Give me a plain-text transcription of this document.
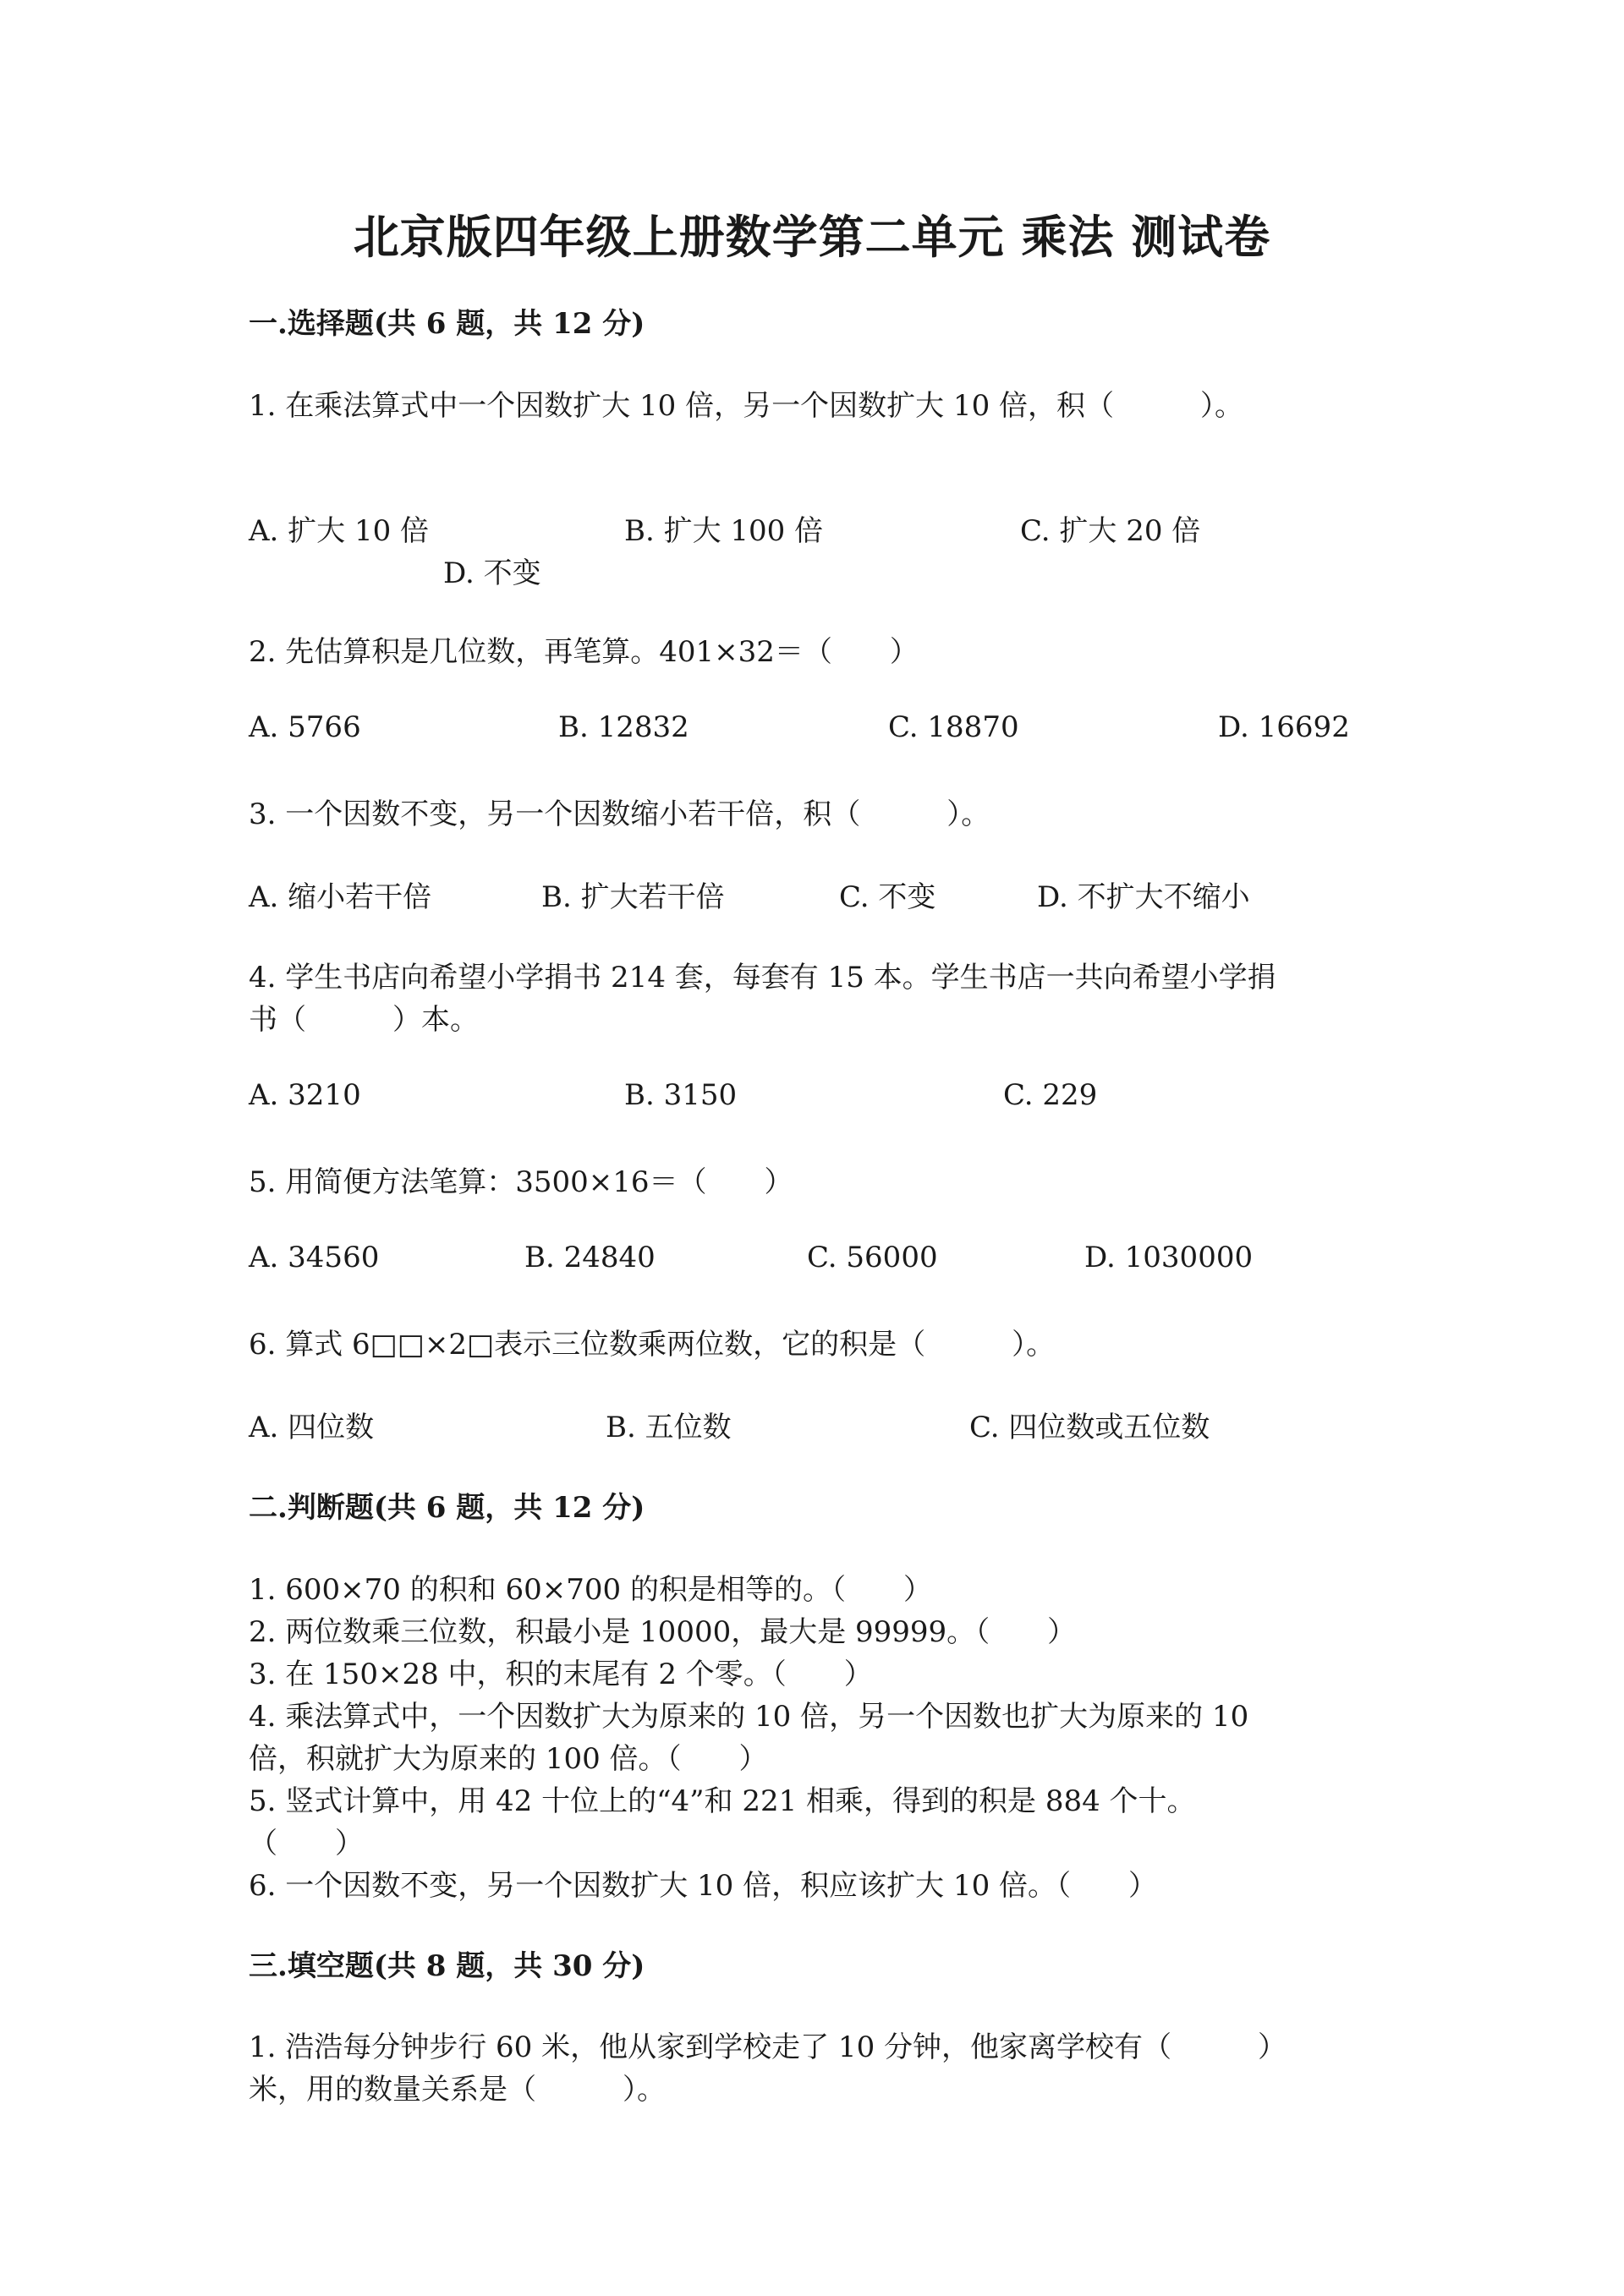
北京版四年级上册数学第二单元 乘法 测试卷
一.选择题(共 6 题，共 12 分)
1. 在乘法算式中一个因数扩大 10 倍，另一个因数扩大 10 倍，积（　　　）。
A. 扩大 10 倍	B. 扩大 100 倍	C. 扩大 20 倍
D. 不变
2. 先估算积是几位数，再笔算。401×32＝（　　）
A. 5766	B. 12832	C. 18870	D. 16692
3. 一个因数不变，另一个因数缩小若干倍，积（　　　）。
A. 缩小若干倍	B. 扩大若干倍	C. 不变	D. 不扩大不缩小
4. 学生书店向希望小学捐书 214 套，每套有 15 本。学生书店一共向希望小学捐
书（　　　）本。
A. 3210	B. 3150	C. 229
5. 用简便方法笔算：3500×16＝（　　）
A. 34560	B. 24840	C. 56000	D. 1030000
6. 算式 6□□×2□表示三位数乘两位数，它的积是（　　　）。
A. 四位数	B. 五位数	C. 四位数或五位数
二.判断题(共 6 题，共 12 分)
1. 600×70 的积和 60×700 的积是相等的。（　　）
2. 两位数乘三位数，积最小是 10000，最大是 99999。（　　）
3. 在 150×28 中，积的末尾有 2 个零。（　　）
4. 乘法算式中，一个因数扩大为原来的 10 倍，另一个因数也扩大为原来的 10
倍，积就扩大为原来的 100 倍。（　　）
5. 竖式计算中，用 42 十位上的“4”和 221 相乘，得到的积是 884 个十。
（　　）
6. 一个因数不变，另一个因数扩大 10 倍，积应该扩大 10 倍。（　　）
三.填空题(共 8 题，共 30 分)
1. 浩浩每分钟步行 60 米，他从家到学校走了 10 分钟，他家离学校有（　　　）
米，用的数量关系是（　　　）。
